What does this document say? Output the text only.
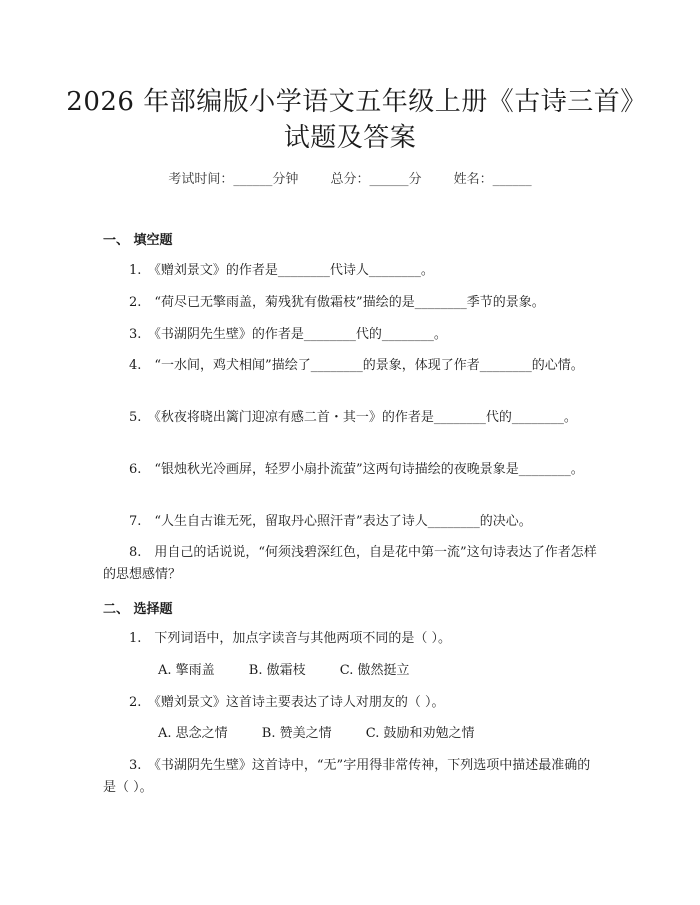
2026 年部编版小学语文五年级上册《古诗三首》试题及答案
考试时间：______分钟 总分：______分 姓名：______
一、 填空题
1.　《赠刘景文》的作者是________代诗人________。
2.　“荷尽已无擎雨盖，菊残犹有傲霜枝”描绘的是________季节的景象。
3.　《书湖阴先生壁》的作者是________代的________。
4.　“一水间，鸡犬相闻”描绘了________的景象，体现了作者________的心情。
5.　《秋夜将晓出篱门迎凉有感二首・其一》的作者是________代的________。
6.　“银烛秋光冷画屏，轻罗小扇扑流萤”这两句诗描绘的夜晚景象是________。
7.　“人生自古谁无死，留取丹心照汗青”表达了诗人________的决心。
8.　用自己的话说说，“何须浅碧深红色，自是花中第一流”这句诗表达了作者怎样的思想感情？
二、 选择题
1.　下列词语中，加点字读音与其他两项不同的是（ ）。
A. 擎雨盖	B. 傲霜枝	C. 傲然挺立
2.　《赠刘景文》这首诗主要表达了诗人对朋友的（ ）。
A. 思念之情	B. 赞美之情	C. 鼓励和劝勉之情
3.　《书湖阴先生壁》这首诗中，“无”字用得非常传神，下列选项中描述最准确的是（ ）。
